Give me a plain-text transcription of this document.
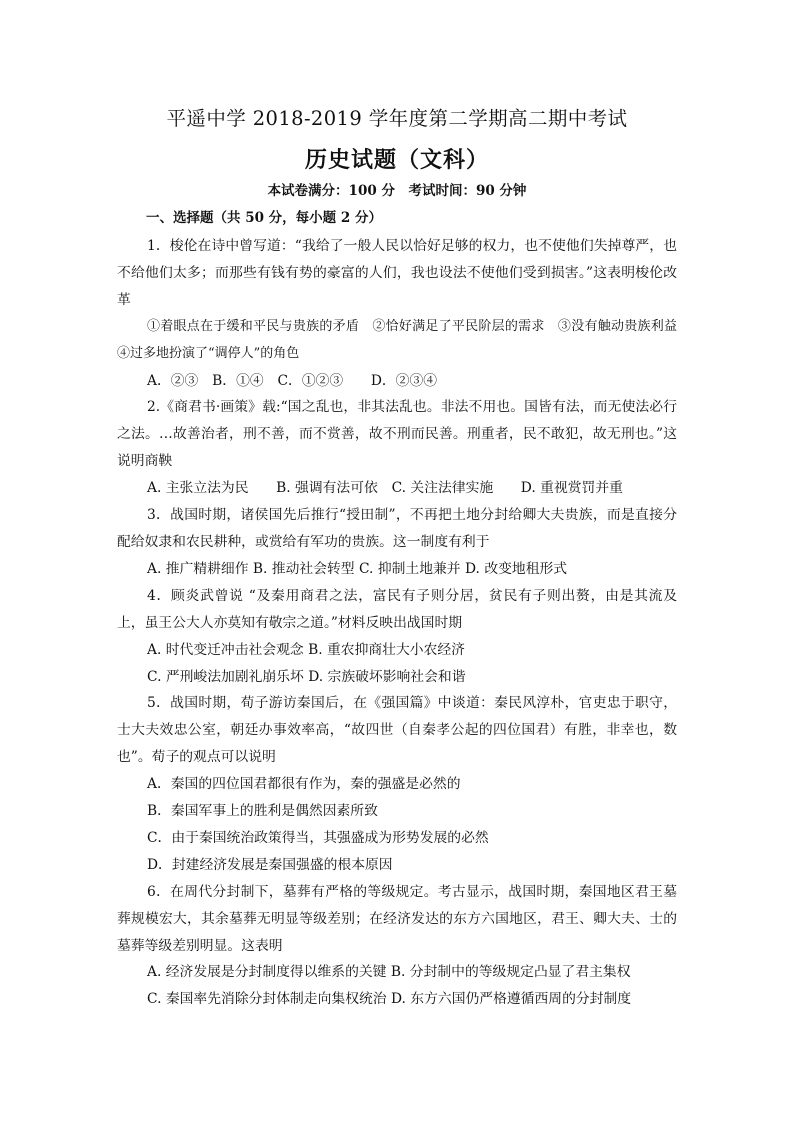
平遥中学 2018-2019 学年度第二学期高二期中考试
历史试题（文科）
本试卷满分：100 分　考试时间：90 分钟
一、选择题（共 50 分，每小题 2 分）

1．梭伦在诗中曾写道：“我给了一般人民以恰好足够的权力，也不使他们失掉尊严，也不给他们太多；而那些有钱有势的豪富的人们，我也设法不使他们受到损害。”这表明梭伦改革

①着眼点在于缓和平民与贵族的矛盾　②恰好满足了平民阶层的需求　③没有触动贵族利益④过多地扮演了“调停人”的角色

A．②③　B．①④　C．①②③　　D．②③④

2.《商君书·画策》载:“国之乱也，非其法乱也。非法不用也。国皆有法，而无使法必行之法。…故善治者，刑不善，而不赏善，故不刑而民善。刑重者，民不敢犯，故无刑也。”这说明商鞅

A. 主张立法为民　　B. 强调有法可依　C. 关注法律实施　　D. 重视赏罚并重

3．战国时期，诸侯国先后推行“授田制”，不再把土地分封给卿大夫贵族，而是直接分配给奴隶和农民耕种，或赏给有军功的贵族。这一制度有利于

A. 推广精耕细作 B. 推动社会转型 C. 抑制土地兼并 D. 改变地租形式

4．顾炎武曾说 “及秦用商君之法，富民有子则分居，贫民有子则出赘，由是其流及上，虽王公大人亦莫知有敬宗之道。”材料反映出战国时期

A. 时代变迁冲击社会观念 B. 重农抑商壮大小农经济

C. 严刑峻法加剧礼崩乐坏 D. 宗族破坏影响社会和谐

5．战国时期，荀子游访秦国后，在《强国篇》中谈道：秦民风淳朴，官吏忠于职守，士大夫效忠公室，朝廷办事效率高，“故四世（自秦孝公起的四位国君）有胜，非幸也，数也”。荀子的观点可以说明

A．秦国的四位国君都很有作为，秦的强盛是必然的

B．秦国军事上的胜利是偶然因素所致

C．由于秦国统治政策得当，其强盛成为形势发展的必然

D．封建经济发展是秦国强盛的根本原因

6．在周代分封制下，墓葬有严格的等级规定。考古显示，战国时期，秦国地区君王墓葬规模宏大，其余墓葬无明显等级差别；在经济发达的东方六国地区，君王、卿大夫、士的墓葬等级差别明显。这表明

A. 经济发展是分封制度得以维系的关键 B. 分封制中的等级规定凸显了君主集权

C. 秦国率先消除分封体制走向集权统治 D. 东方六国仍严格遵循西周的分封制度
